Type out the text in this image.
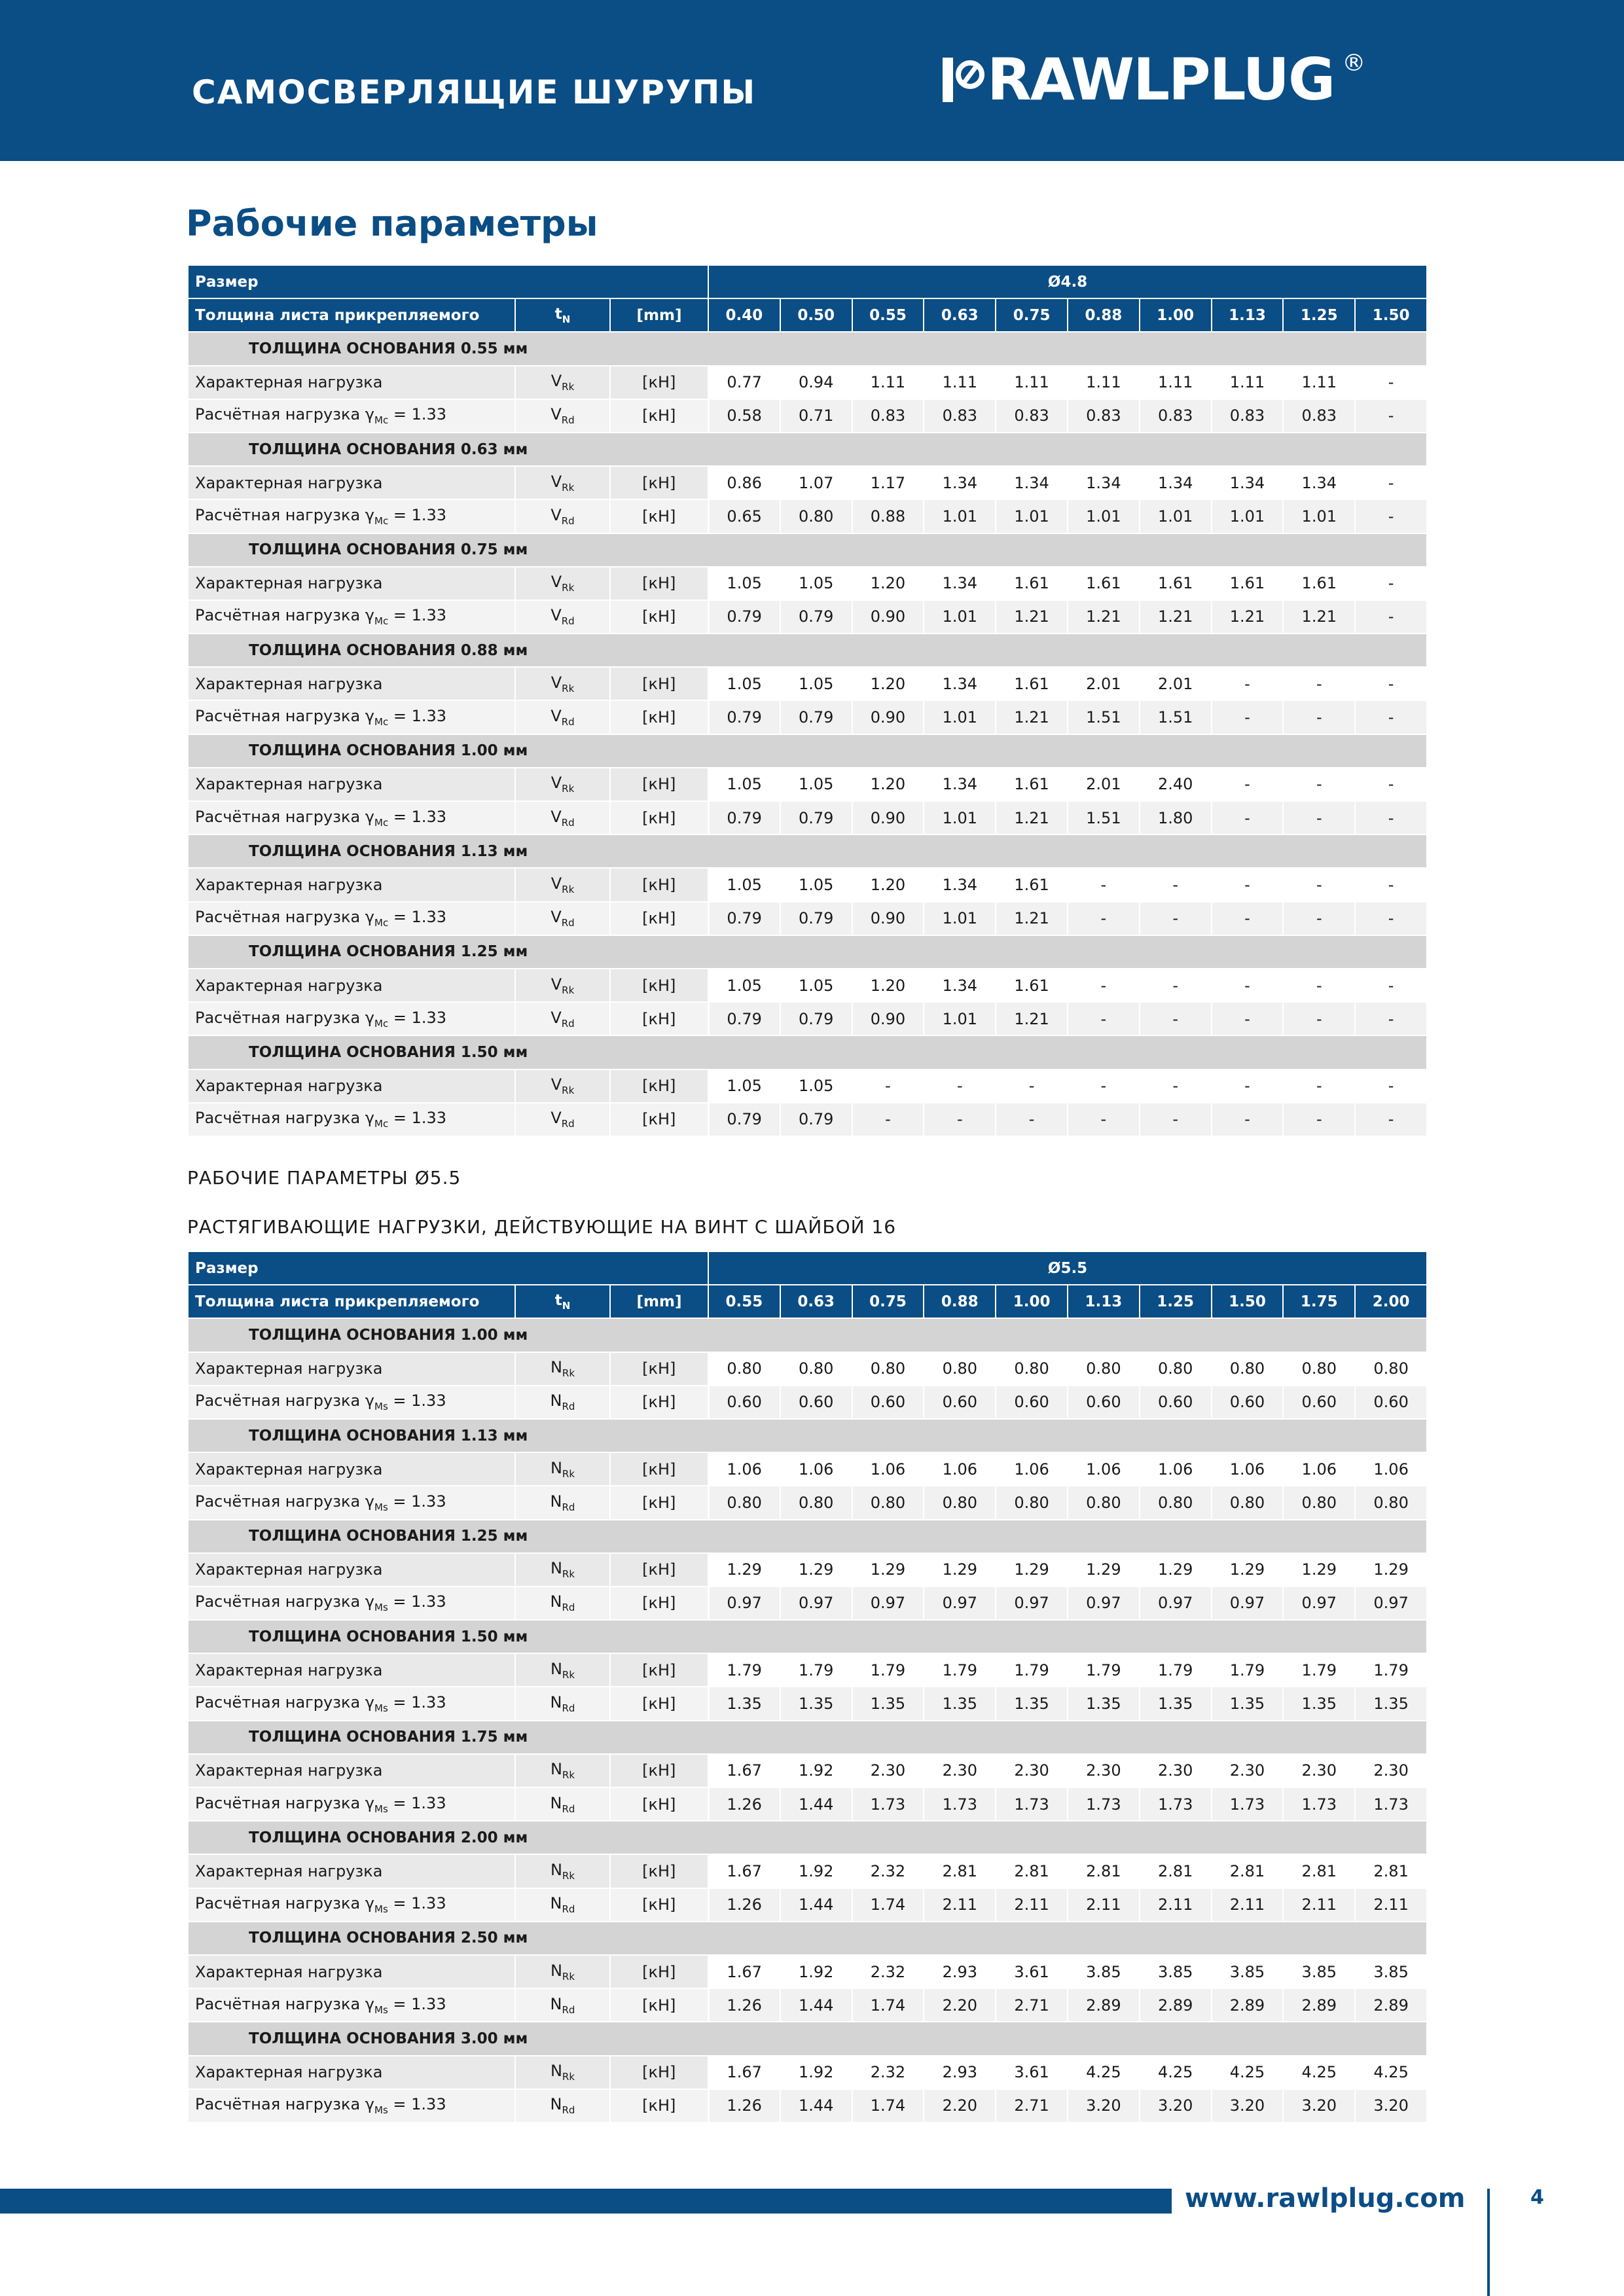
САМОСВЕРЛЯЩИЕ ШУРУПЫ	RAWLPLUG ®
Рабочие параметры
Размер			Ø4.8									
Толщина листа прикрепляемого	$t_N$	[mm]	0.40	0.50	0.55	0.63	0.75	0.88	1.00	1.13	1.25	1.50
ТОЛЩИНА ОСНОВАНИЯ 0.55 мм												
Характерная нагрузка	$V_{Rk}$	[кН]	0.77	0.94	1.11	1.11	1.11	1.11	1.11	1.11	1.11	-
Расчётная нагрузка $\gamma_{Mc} = 1.33$	$V_{Rd}$	[кН]	0.58	0.71	0.83	0.83	0.83	0.83	0.83	0.83	0.83	-
ТОЛЩИНА ОСНОВАНИЯ 0.63 мм												
Характерная нагрузка	$V_{Rk}$	[кН]	0.86	1.07	1.17	1.34	1.34	1.34	1.34	1.34	1.34	-
Расчётная нагрузка $\gamma_{Mc} = 1.33$	$V_{Rd}$	[кН]	0.65	0.80	0.88	1.01	1.01	1.01	1.01	1.01	1.01	-
ТОЛЩИНА ОСНОВАНИЯ 0.75 мм												
Характерная нагрузка	$V_{Rk}$	[кН]	1.05	1.05	1.20	1.34	1.61	1.61	1.61	1.61	1.61	-
Расчётная нагрузка $\gamma_{Mc} = 1.33$	$V_{Rd}$	[кН]	0.79	0.79	0.90	1.01	1.21	1.21	1.21	1.21	1.21	-
ТОЛЩИНА ОСНОВАНИЯ 0.88 мм												
Характерная нагрузка	$V_{Rk}$	[кН]	1.05	1.05	1.20	1.34	1.61	2.01	2.01	-	-	-
Расчётная нагрузка $\gamma_{Mc} = 1.33$	$V_{Rd}$	[кН]	0.79	0.79	0.90	1.01	1.21	1.51	1.51	-	-	-
ТОЛЩИНА ОСНОВАНИЯ 1.00 мм												
Характерная нагрузка	$V_{Rk}$	[кН]	1.05	1.05	1.20	1.34	1.61	2.01	2.40	-	-	-
Расчётная нагрузка $\gamma_{Mc} = 1.33$	$V_{Rd}$	[кН]	0.79	0.79	0.90	1.01	1.21	1.51	1.80	-	-	-
ТОЛЩИНА ОСНОВАНИЯ 1.13 мм												
Характерная нагрузка	$V_{Rk}$	[кН]	1.05	1.05	1.20	1.34	1.61	-	-	-	-	-
Расчётная нагрузка $\gamma_{Mc} = 1.33$	$V_{Rd}$	[кН]	0.79	0.79	0.90	1.01	1.21	-	-	-	-	-
ТОЛЩИНА ОСНОВАНИЯ 1.25 мм												
Характерная нагрузка	$V_{Rk}$	[кН]	1.05	1.05	1.20	1.34	1.61	-	-	-	-	-
Расчётная нагрузка $\gamma_{Mc} = 1.33$	$V_{Rd}$	[кН]	0.79	0.79	0.90	1.01	1.21	-	-	-	-	-
ТОЛЩИНА ОСНОВАНИЯ 1.50 мм												
Характерная нагрузка	$V_{Rk}$	[кН]	1.05	1.05	-	-	-	-	-	-	-	-
Расчётная нагрузка $\gamma_{Mc} = 1.33$	$V_{Rd}$	[кН]	0.79	0.79	-	-	-	-	-	-	-	-
РАБОЧИЕ ПАРАМЕТРЫ Ø5.5
РАСТЯГИВАЮЩИЕ НАГРУЗКИ, ДЕЙСТВУЮЩИЕ НА ВИНТ С ШАЙБОЙ 16
Размер			Ø5.5									
Толщина листа прикрепляемого	$t_N$	[mm]	0.55	0.63	0.75	0.88	1.00	1.13	1.25	1.50	1.75	2.00
ТОЛЩИНА ОСНОВАНИЯ 1.00 мм												
Характерная нагрузка	$N_{Rk}$	[кН]	0.80	0.80	0.80	0.80	0.80	0.80	0.80	0.80	0.80	0.80
Расчётная нагрузка $\gamma_{Ms} = 1.33$	$N_{Rd}$	[кН]	0.60	0.60	0.60	0.60	0.60	0.60	0.60	0.60	0.60	0.60
ТОЛЩИНА ОСНОВАНИЯ 1.13 мм												
Характерная нагрузка	$N_{Rk}$	[кН]	1.06	1.06	1.06	1.06	1.06	1.06	1.06	1.06	1.06	1.06
Расчётная нагрузка $\gamma_{Ms} = 1.33$	$N_{Rd}$	[кН]	0.80	0.80	0.80	0.80	0.80	0.80	0.80	0.80	0.80	0.80
ТОЛЩИНА ОСНОВАНИЯ 1.25 мм												
Характерная нагрузка	$N_{Rk}$	[кН]	1.29	1.29	1.29	1.29	1.29	1.29	1.29	1.29	1.29	1.29
Расчётная нагрузка $\gamma_{Ms} = 1.33$	$N_{Rd}$	[кН]	0.97	0.97	0.97	0.97	0.97	0.97	0.97	0.97	0.97	0.97
ТОЛЩИНА ОСНОВАНИЯ 1.50 мм												
Характерная нагрузка	$N_{Rk}$	[кН]	1.79	1.79	1.79	1.79	1.79	1.79	1.79	1.79	1.79	1.79
Расчётная нагрузка $\gamma_{Ms} = 1.33$	$N_{Rd}$	[кН]	1.35	1.35	1.35	1.35	1.35	1.35	1.35	1.35	1.35	1.35
ТОЛЩИНА ОСНОВАНИЯ 1.75 мм												
Характерная нагрузка	$N_{Rk}$	[кН]	1.67	1.92	2.30	2.30	2.30	2.30	2.30	2.30	2.30	2.30
Расчётная нагрузка $\gamma_{Ms} = 1.33$	$N_{Rd}$	[кН]	1.26	1.44	1.73	1.73	1.73	1.73	1.73	1.73	1.73	1.73
ТОЛЩИНА ОСНОВАНИЯ 2.00 мм												
Характерная нагрузка	$N_{Rk}$	[кН]	1.67	1.92	2.32	2.81	2.81	2.81	2.81	2.81	2.81	2.81
Расчётная нагрузка $\gamma_{Ms} = 1.33$	$N_{Rd}$	[кН]	1.26	1.44	1.74	2.11	2.11	2.11	2.11	2.11	2.11	2.11
ТОЛЩИНА ОСНОВАНИЯ 2.50 мм												
Характерная нагрузка	$N_{Rk}$	[кН]	1.67	1.92	2.32	2.93	3.61	3.85	3.85	3.85	3.85	3.85
Расчётная нагрузка $\gamma_{Ms} = 1.33$	$N_{Rd}$	[кН]	1.26	1.44	1.74	2.20	2.71	2.89	2.89	2.89	2.89	2.89
ТОЛЩИНА ОСНОВАНИЯ 3.00 мм												
Характерная нагрузка	$N_{Rk}$	[кН]	1.67	1.92	2.32	2.93	3.61	4.25	4.25	4.25	4.25	4.25
Расчётная нагрузка $\gamma_{Ms} = 1.33$	$N_{Rd}$	[кН]	1.26	1.44	1.74	2.20	2.71	3.20	3.20	3.20	3.20	3.20
www.rawlplug.com	4
